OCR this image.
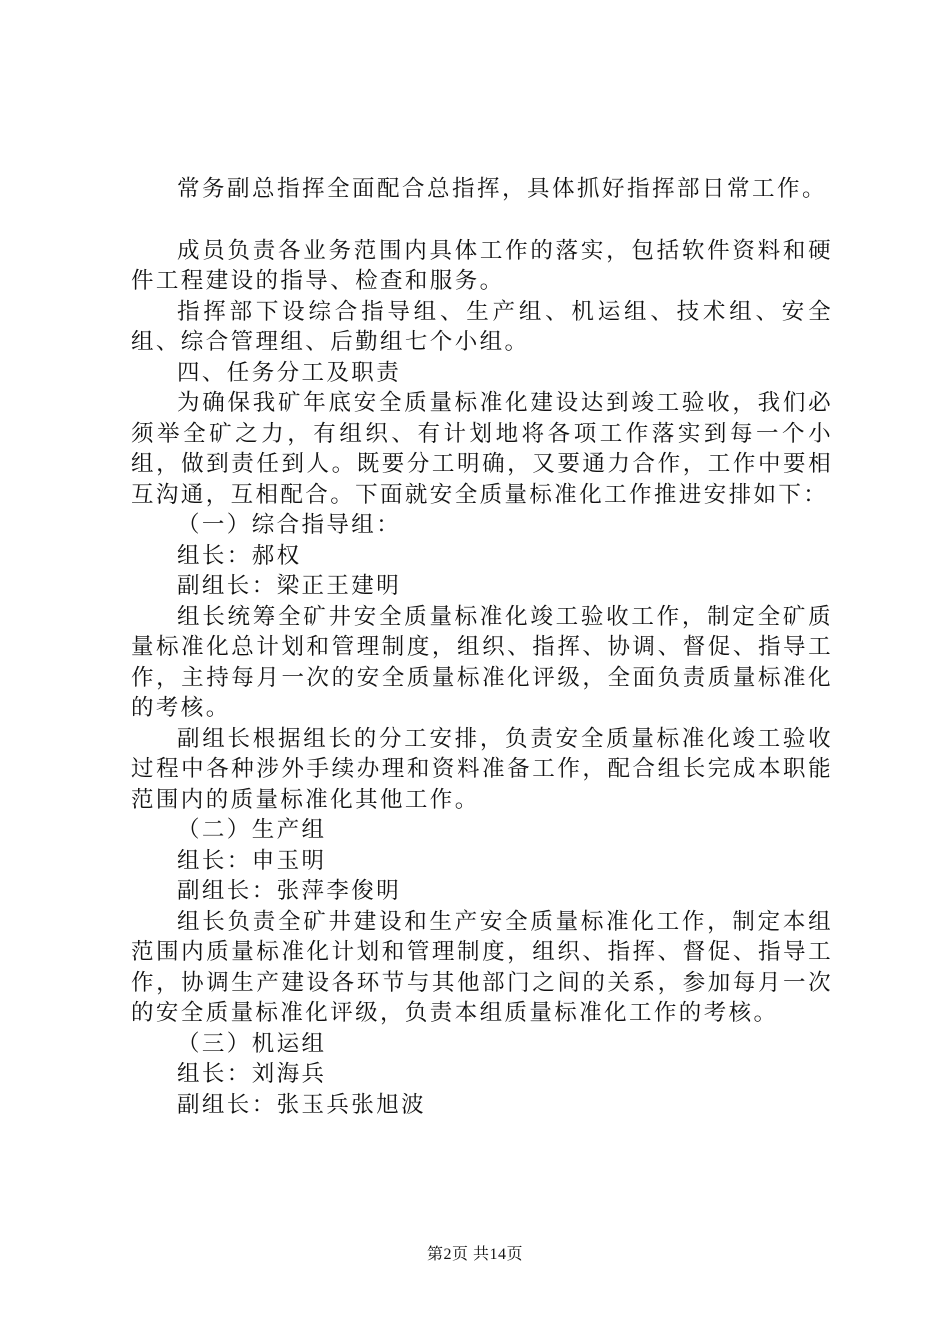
常务副总指挥全面配合总指挥，具体抓好指挥部日常工作。

成员负责各业务范围内具体工作的落实，包括软件资料和硬件工程建设的指导、检查和服务。

指挥部下设综合指导组、生产组、机运组、技术组、安全组、综合管理组、后勤组七个小组。

四、任务分工及职责

为确保我矿年底安全质量标准化建设达到竣工验收，我们必须举全矿之力，有组织、有计划地将各项工作落实到每一个小组，做到责任到人。既要分工明确，又要通力合作，工作中要相互沟通，互相配合。下面就安全质量标准化工作推进安排如下：

（一）综合指导组：

组长：郝权

副组长：梁正王建明

组长统筹全矿井安全质量标准化竣工验收工作，制定全矿质量标准化总计划和管理制度，组织、指挥、协调、督促、指导工作，主持每月一次的安全质量标准化评级，全面负责质量标准化的考核。

副组长根据组长的分工安排，负责安全质量标准化竣工验收过程中各种涉外手续办理和资料准备工作，配合组长完成本职能范围内的质量标准化其他工作。

（二）生产组

组长：申玉明

副组长：张萍李俊明

组长负责全矿井建设和生产安全质量标准化工作，制定本组范围内质量标准化计划和管理制度，组织、指挥、督促、指导工作，协调生产建设各环节与其他部门之间的关系，参加每月一次的安全质量标准化评级，负责本组质量标准化工作的考核。

（三）机运组

组长：刘海兵

副组长：张玉兵张旭波

第2页 共14页
